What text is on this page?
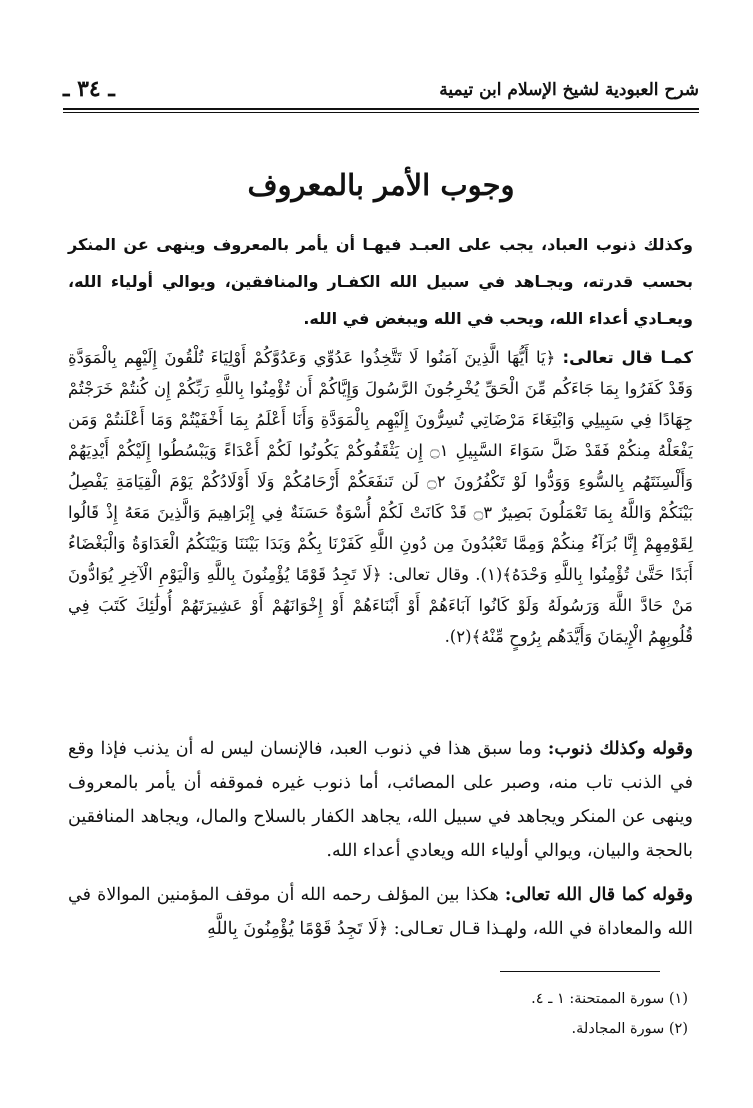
شرح العبودية لشيخ الإسلام ابن تيمية
ـ ٣٤ ـ
وجوب الأمر بالمعروف

وكذلك ذنوب العباد، يجب على العبـد فيهـا أن يأمر بالمعروف وينهى عن المنكر بحسب قدرته، ويجـاهد في سبيل الله الكفـار والمنافقين، ويوالي أولياء الله، ويعـادي أعداء الله، ويحب في الله ويبغض في الله.

كمـا قال تعالى: ﴿يَا أَيُّهَا الَّذِينَ آمَنُوا لَا تَتَّخِذُوا عَدُوِّي وَعَدُوَّكُمْ أَوْلِيَاءَ تُلْقُونَ إِلَيْهِم بِالْمَوَدَّةِ وَقَدْ كَفَرُوا بِمَا جَاءَكُم مِّنَ الْحَقِّ يُخْرِجُونَ الرَّسُولَ وَإِيَّاكُمْ أَن تُؤْمِنُوا بِاللَّهِ رَبِّكُمْ إِن كُنتُمْ خَرَجْتُمْ جِهَادًا فِي سَبِيلِي وَابْتِغَاءَ مَرْضَاتِي تُسِرُّونَ إِلَيْهِم بِالْمَوَدَّةِ وَأَنَا أَعْلَمُ بِمَا أَخْفَيْتُمْ وَمَا أَعْلَنتُمْ وَمَن يَفْعَلْهُ مِنكُمْ فَقَدْ ضَلَّ سَوَاءَ السَّبِيلِ ۝١ إِن يَثْقَفُوكُمْ يَكُونُوا لَكُمْ أَعْدَاءً وَيَبْسُطُوا إِلَيْكُمْ أَيْدِيَهُمْ وَأَلْسِنَتَهُم بِالسُّوءِ وَوَدُّوا لَوْ تَكْفُرُونَ ۝٢ لَن تَنفَعَكُمْ أَرْحَامُكُمْ وَلَا أَوْلَادُكُمْ يَوْمَ الْقِيَامَةِ يَفْصِلُ بَيْنَكُمْ وَاللَّهُ بِمَا تَعْمَلُونَ بَصِيرٌ ۝٣ قَدْ كَانَتْ لَكُمْ أُسْوَةٌ حَسَنَةٌ فِي إِبْرَاهِيمَ وَالَّذِينَ مَعَهُ إِذْ قَالُوا لِقَوْمِهِمْ إِنَّا بُرَآءُ مِنكُمْ وَمِمَّا تَعْبُدُونَ مِن دُونِ اللَّهِ كَفَرْنَا بِكُمْ وَبَدَا بَيْنَنَا وَبَيْنَكُمُ الْعَدَاوَةُ وَالْبَغْضَاءُ أَبَدًا حَتَّىٰ تُؤْمِنُوا بِاللَّهِ وَحْدَهُ﴾(١). وقال تعالى: ﴿لَا تَجِدُ قَوْمًا يُؤْمِنُونَ بِاللَّهِ وَالْيَوْمِ الْآخِرِ يُوَادُّونَ مَنْ حَادَّ اللَّهَ وَرَسُولَهُ وَلَوْ كَانُوا آبَاءَهُمْ أَوْ أَبْنَاءَهُمْ أَوْ إِخْوَانَهُمْ أَوْ عَشِيرَتَهُمْ أُولَٰئِكَ كَتَبَ فِي قُلُوبِهِمُ الْإِيمَانَ وَأَيَّدَهُم بِرُوحٍ مِّنْهُ﴾(٢).

وقوله وكذلك ذنوب: وما سبق هذا في ذنوب العبد، فالإنسان ليس له أن يذنب فإذا وقع في الذنب تاب منه، وصبر على المصائب، أما ذنوب غيره فموقفه أن يأمر بالمعروف وينهى عن المنكر ويجاهد في سبيل الله، يجاهد الكفار بالسلاح والمال، ويجاهد المنافقين بالحجة والبيان، ويوالي أولياء الله ويعادي أعداء الله.

وقوله كما قال الله تعالى: هكذا بين المؤلف رحمه الله أن موقف المؤمنين الموالاة في الله والمعاداة في الله، ولهـذا قـال تعـالى: ﴿لَا تَجِدُ قَوْمًا يُؤْمِنُونَ بِاللَّهِ

(١) سورة الممتحنة: ١ ـ ٤.
(٢) سورة المجادلة.
